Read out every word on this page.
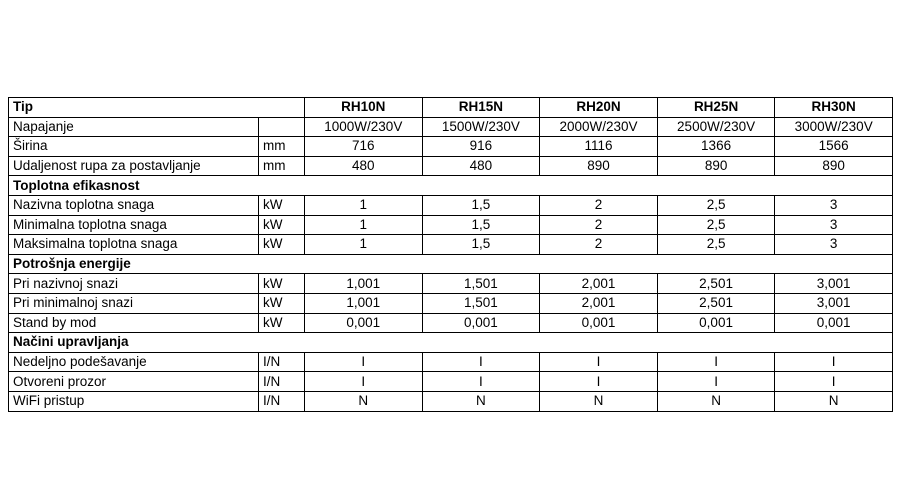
Tip		RH10N	RH15N	RH20N	RH25N	RH30N
Napajanje		1000W/230V	1500W/230V	2000W/230V	2500W/230V	3000W/230V
Širina	mm	716	916	1116	1366	1566
Udaljenost rupa za postavljanje	mm	480	480	890	890	890
Toplotna efikasnost						
Nazivna toplotna snaga	kW	1	1,5	2	2,5	3
Minimalna toplotna snaga	kW	1	1,5	2	2,5	3
Maksimalna toplotna snaga	kW	1	1,5	2	2,5	3
Potrošnja energije						
Pri nazivnoj snazi	kW	1,001	1,501	2,001	2,501	3,001
Pri minimalnoj snazi	kW	1,001	1,501	2,001	2,501	3,001
Stand by mod	kW	0,001	0,001	0,001	0,001	0,001
Načini upravljanja						
Nedeljno podešavanje	I/N	I	I	I	I	I
Otvoreni prozor	I/N	I	I	I	I	I
WiFi pristup	I/N	N	N	N	N	N
